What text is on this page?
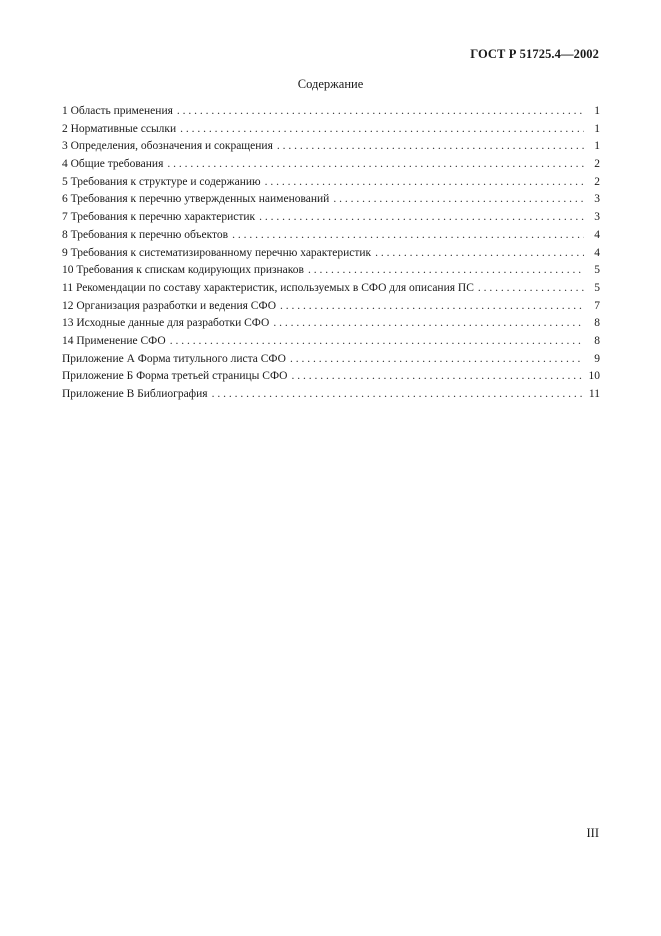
ГОСТ Р 51725.4—2002
Содержание
1 Область применения . . .	1
2 Нормативные ссылки . . .	1
3 Определения, обозначения и сокращения . . .	1
4 Общие требования . . .	2
5 Требования к структуре и содержанию . . .	2
6 Требования к перечню утвержденных наименований . . .	3
7 Требования к перечню характеристик . . .	3
8 Требования к перечню объектов . . .	4
9 Требования к систематизированному перечню характеристик . . .	4
10 Требования к спискам кодирующих признаков . . .	5
11 Рекомендации по составу характеристик, используемых в СФО для описания ПС . . .	5
12 Организация разработки и ведения СФО . . .	7
13 Исходные данные для разработки СФО . . .	8
14 Применение СФО . . .	8
Приложение А Форма титульного листа СФО . . .	9
Приложение Б Форма третьей страницы СФО . . .	10
Приложение В Библиография . . .	11
III
